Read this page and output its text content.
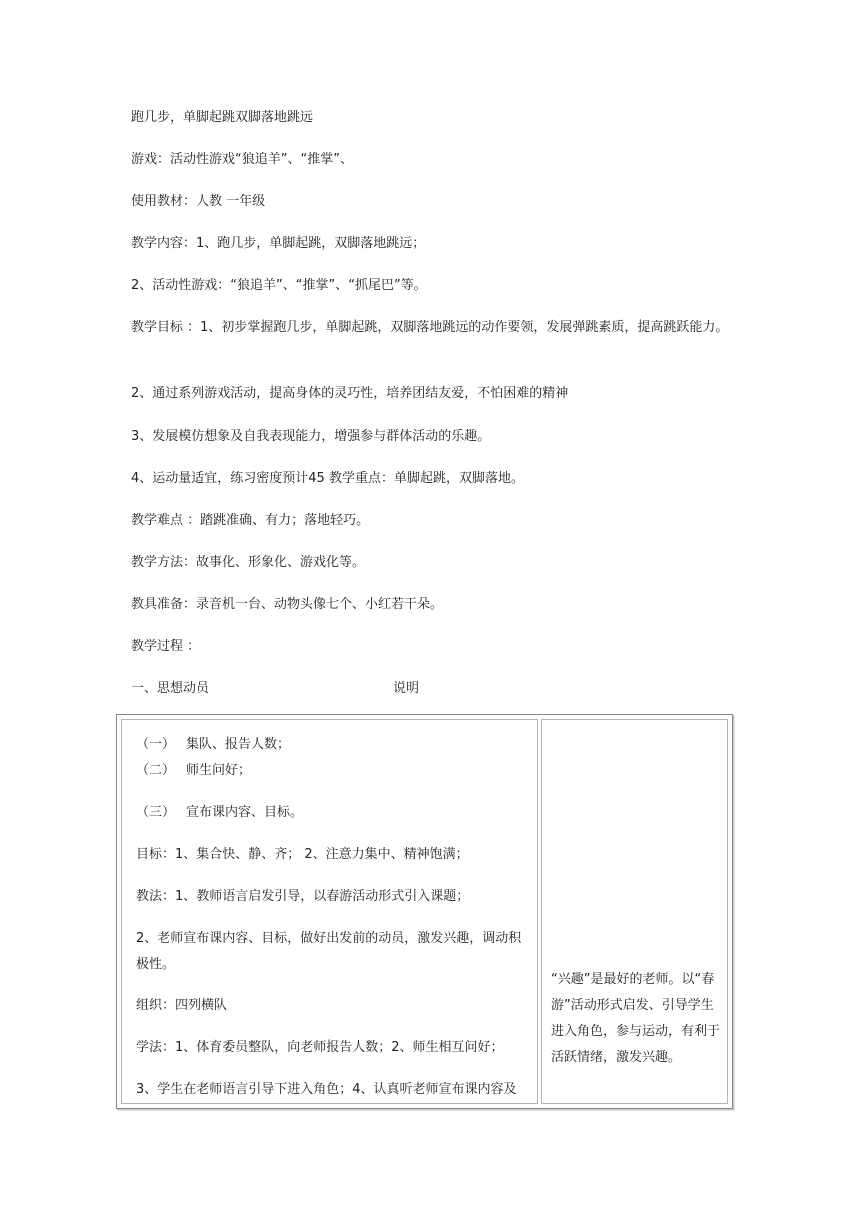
跑几步，单脚起跳双脚落地跳远

游戏：活动性游戏“狼追羊”、“推掌”、

使用教材：人教 一年级

教学内容：1、跑几步，单脚起跳，双脚落地跳远；

2、活动性游戏：“狼追羊”、“推掌”、“抓尾巴”等。

教学目标 ：1、初步掌握跑几步，单脚起跳，双脚落地跳远的动作要领，发展弹跳素质，提高跳跃能力。

2、通过系列游戏活动，提高身体的灵巧性，培养团结友爱，不怕困难的精神

3、发展模仿想象及自我表现能力，增强参与群体活动的乐趣。

4、运动量适宜，练习密度预计45 教学重点：单脚起跳，双脚落地。

教学难点 ：踏跳准确、有力；落地轻巧。

教学方法：故事化、形象化、游戏化等。

教具准备：录音机一台、动物头像七个、小红若干朵。

教学过程 ：

一、思想动员	说明

（一） 集队、报告人数；

（二） 师生问好；

（三） 宣布课内容、目标。

目标：1、集合快、静、齐； 2、注意力集中、精神饱满；

教法：1、教师语言启发引导，以春游活动形式引入课题；

2、老师宣布课内容、目标，做好出发前的动员，激发兴趣，调动积极性。

组织：四列横队

学法：1、体育委员整队，向老师报告人数；2、师生相互问好；

3、学生在老师语言引导下进入角色；4、认真听老师宣布课内容及

“兴趣”是最好的老师。以“春游”活动形式启发、引导学生进入角色，参与运动，有利于活跃情绪，激发兴趣。
